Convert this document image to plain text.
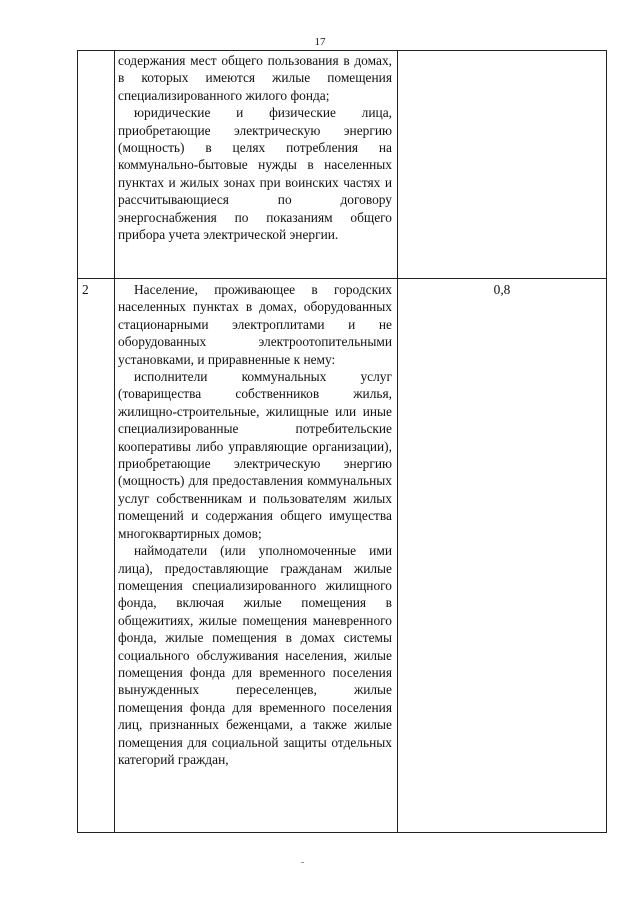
17

содержания мест общего пользования в домах, в которых имеются жилые помещения специализированного жилого фонда;

юридические и физические лица, приобретающие электрическую энергию (мощность) в целях потребления на коммунально-бытовые нужды в населенных пунктах и жилых зонах при воинских частях и рассчитывающиеся по договору энергоснабжения по показаниям общего прибора учета электрической энергии.

2	Население, проживающее в городских населенных пунктах в домах, оборудованных стационарными электроплитами и не оборудованных электроотопительными установками, и приравненные к нему:

исполнители коммунальных услуг (товарищества собственников жилья, жилищно-строительные, жилищные или иные специализированные потребительские кооперативы либо управляющие организации), приобретающие электрическую энергию (мощность) для предоставления коммунальных услуг собственникам и пользователям жилых помещений и содержания общего имущества многоквартирных домов;

наймодатели (или уполномоченные ими лица), предоставляющие гражданам жилые помещения специализированного жилищного фонда, включая жилые помещения в общежитиях, жилые помещения маневренного фонда, жилые помещения в домах системы социального обслуживания населения, жилые помещения фонда для временного поселения вынужденных переселенцев, жилые помещения фонда для временного поселения лиц, признанных беженцами, а также жилые помещения для социальной защиты отдельных категорий граждан,

0,8
